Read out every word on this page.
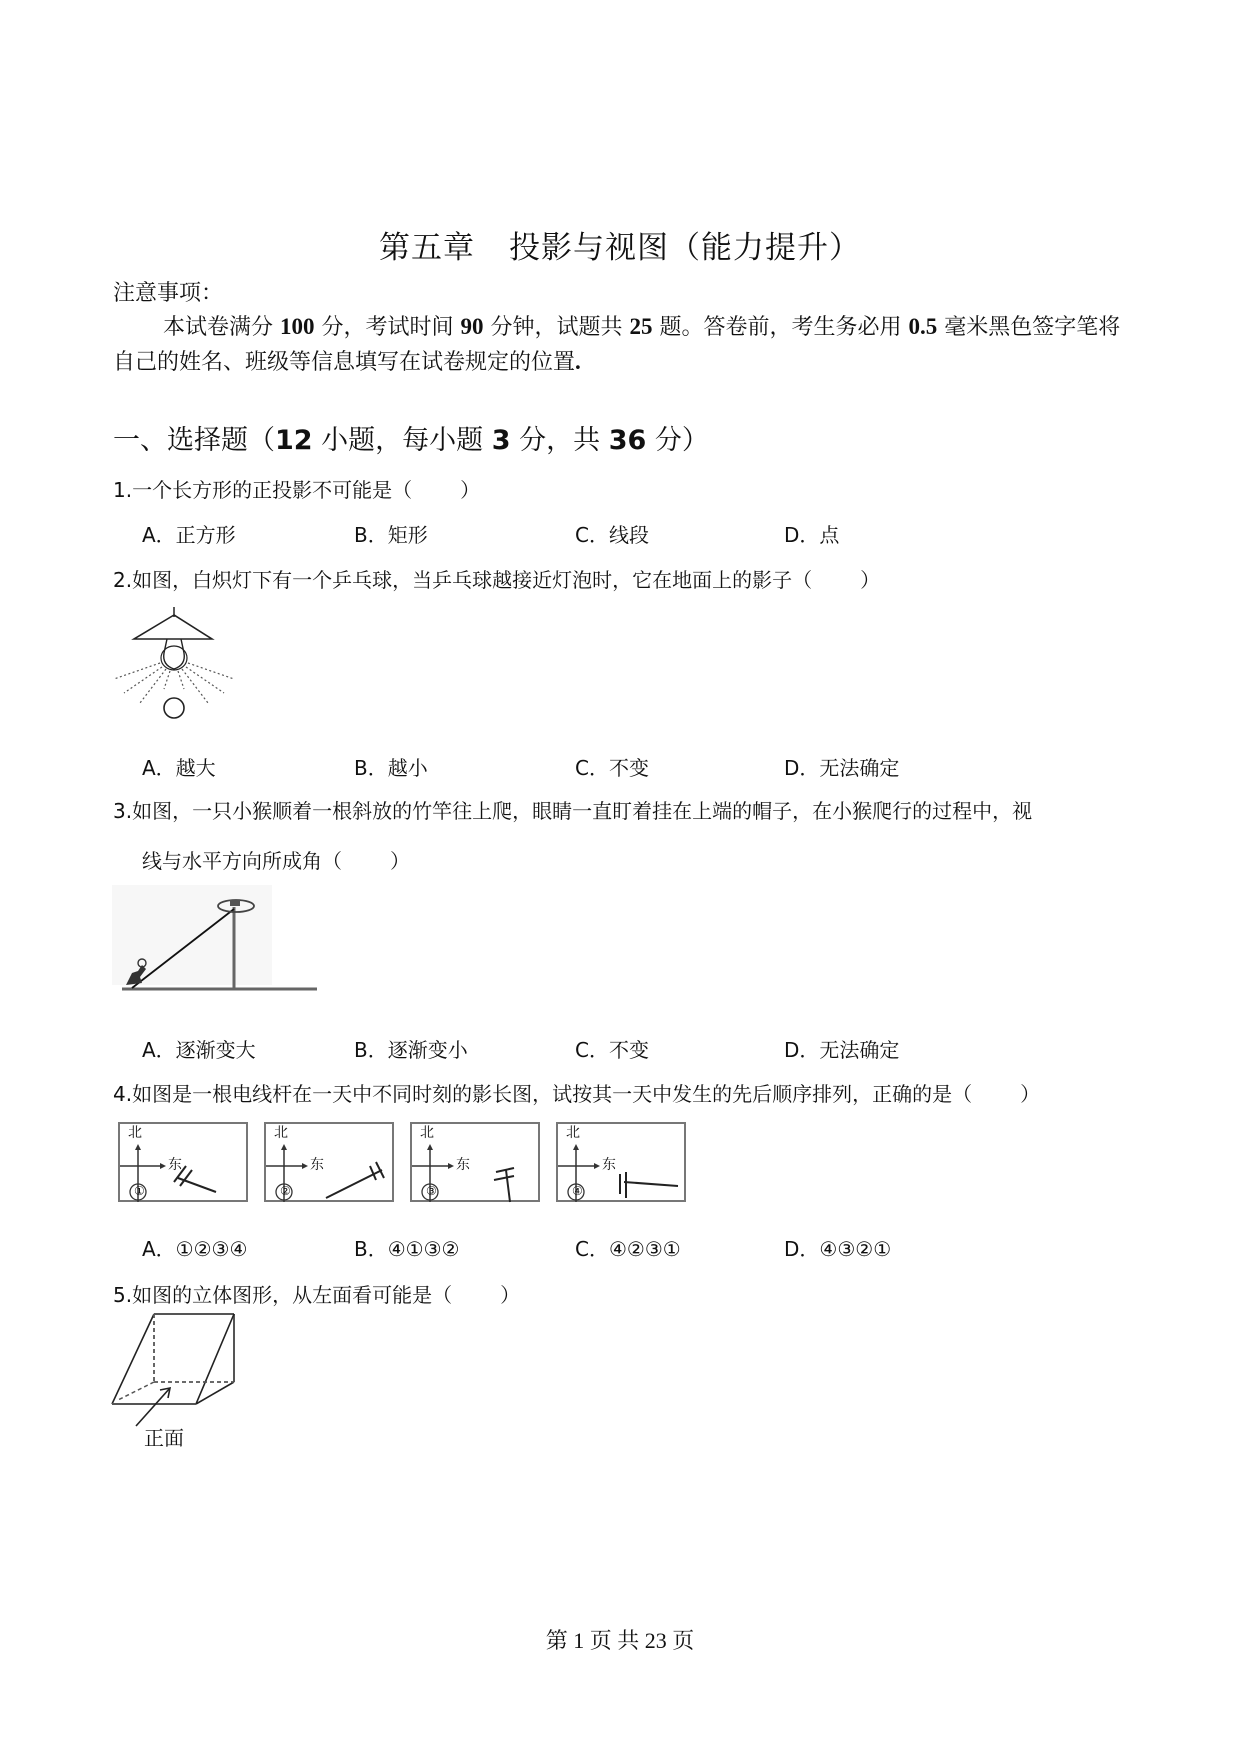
第五章 投影与视图（能力提升）
注意事项：
本试卷满分 100 分，考试时间 90 分钟，试题共 25 题。答卷前，考生务必用 0.5 毫米黑色签字笔将自己的姓名、班级等信息填写在试卷规定的位置.
一、选择题（12 小题，每小题 3 分，共 36 分）
1.一个长方形的正投影不可能是（ ）
A．正方形	B．矩形	C．线段	D．点
2.如图，白炽灯下有一个乒乓球，当乒乓球越接近灯泡时，它在地面上的影子（ ）
A．越大	B．越小	C．不变	D．无法确定
3.如图，一只小猴顺着一根斜放的竹竿往上爬，眼睛一直盯着挂在上端的帽子，在小猴爬行的过程中，视
线与水平方向所成角（ ）
A．逐渐变大	B．逐渐变小	C．不变	D．无法确定
4.如图是一根电线杆在一天中不同时刻的影长图，试按其一天中发生的先后顺序排列，正确的是（ ）
北
东
①
北
东
②
北
东
③
北
东
④
A．①②③④	B．④①③②	C．④②③①	D．④③②①
5.如图的立体图形，从左面看可能是（ ）
正面
第 1 页 共 23 页
